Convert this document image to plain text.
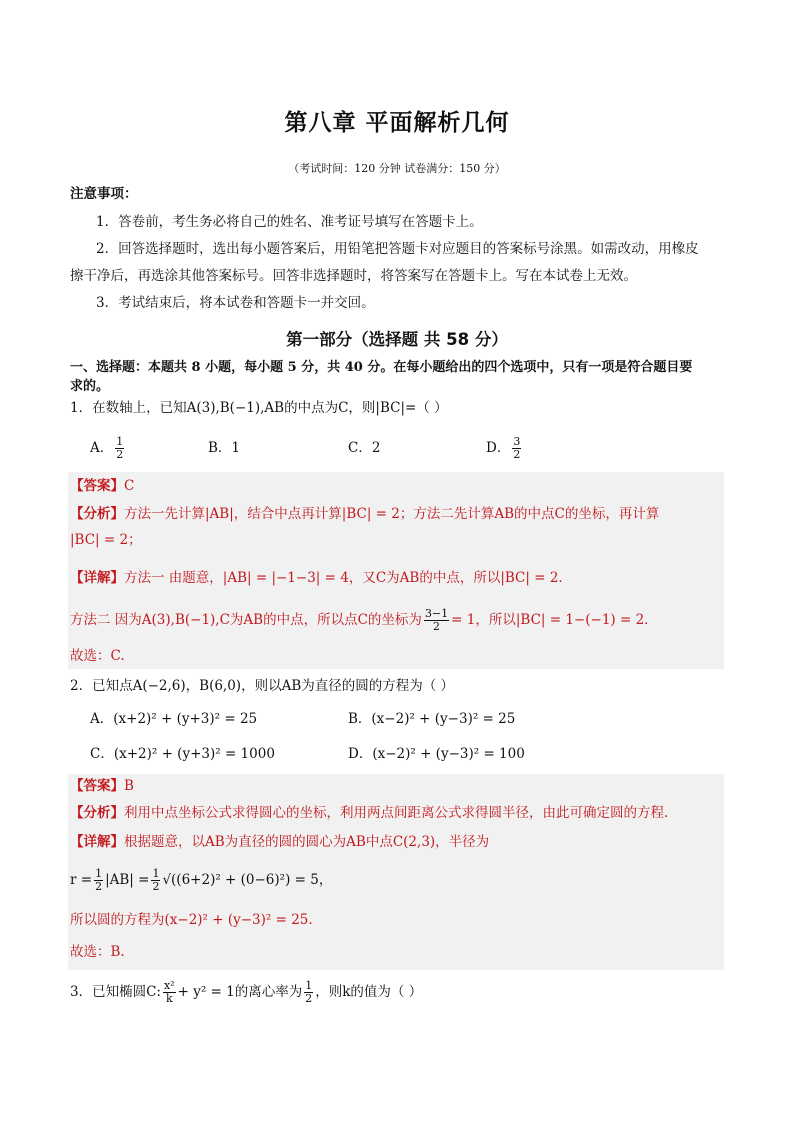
第八章 平面解析几何
（考试时间：120 分钟 试卷满分：150 分）
注意事项：
1．答卷前，考生务必将自己的姓名、准考证号填写在答题卡上。
2．回答选择题时，选出每小题答案后，用铅笔把答题卡对应题目的答案标号涂黑。如需改动，用橡皮
擦干净后，再选涂其他答案标号。回答非选择题时，将答案写在答题卡上。写在本试卷上无效。
3．考试结束后，将本试卷和答题卡一并交回。
第一部分（选择题 共 58 分）
一、选择题：本题共 8 小题，每小题 5 分，共 40 分。在每小题给出的四个选项中，只有一项是符合题目要
求的。
1．在数轴上，已知A(3),B(−1),AB的中点为C，则|BC|=（ ）
A． $\frac{1}{2}$	B．1	C．2	D． $\frac{3}{2}$
【答案】C
【分析】方法一先计算|AB|，结合中点再计算|BC| = 2；方法二先计算AB的中点C的坐标，再计算
|BC| = 2；
【详解】方法一 由题意，|AB| = |−1−3| = 4，又C为AB的中点，所以|BC| = 2．
方法二 因为A(3),B(−1),C为AB的中点，所以点C的坐标为 $\frac{3-1}{2} = 1$，所以|BC| = 1−(−1) = 2．
故选：C.
2．已知点A(−2,6)，B(6,0)，则以AB为直径的圆的方程为（ ）
A．(x+2)² + (y+3)² = 25	B．(x−2)² + (y−3)² = 25
C．(x+2)² + (y+3)² = 1000	D．(x−2)² + (y−3)² = 100
【答案】B
【分析】利用中点坐标公式求得圆心的坐标，利用两点间距离公式求得圆半径，由此可确定圆的方程.
【详解】根据题意，以AB为直径的圆的圆心为AB中点C(2,3)，半径为
$r = \frac{1}{2} |AB| = \frac{1}{2} √((6+2)^2 + (0-6)^2) = 5$，
所以圆的方程为(x−2)² + (y−3)² = 25.
故选：B.
3．已知椭圆C: $\frac{\text{x²}}{k} + y^2 = 1$的离心率为 $\frac{1}{2}$ ，则k的值为（ ）
